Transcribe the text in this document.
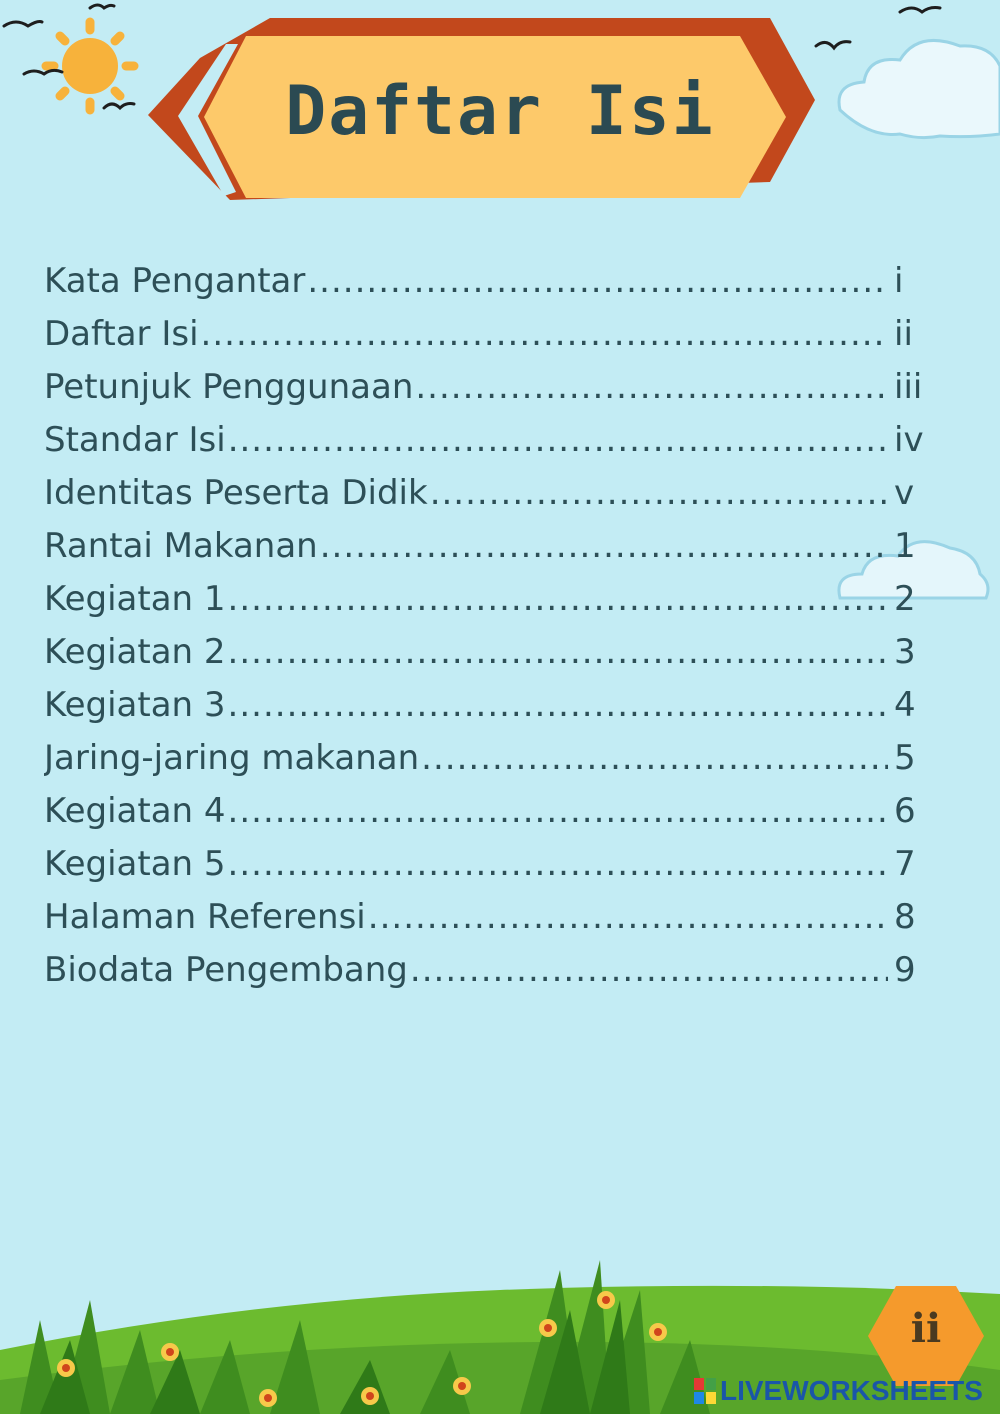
Daftar Isi
Kata Pengantar .....	i
Daftar Isi .....	ii
Petunjuk Penggunaan .....	iii
Standar Isi .....	iv
Identitas Peserta Didik .....	v
Rantai Makanan .....	1
Kegiatan 1 .....	2
Kegiatan 2 .....	3
Kegiatan 3 .....	4
Jaring-jaring makanan .....	5
Kegiatan 4 .....	6
Kegiatan 5 .....	7
Halaman Referensi .....	8
Biodata Pengembang .....	9
ii
LIVEWORKSHEETS
